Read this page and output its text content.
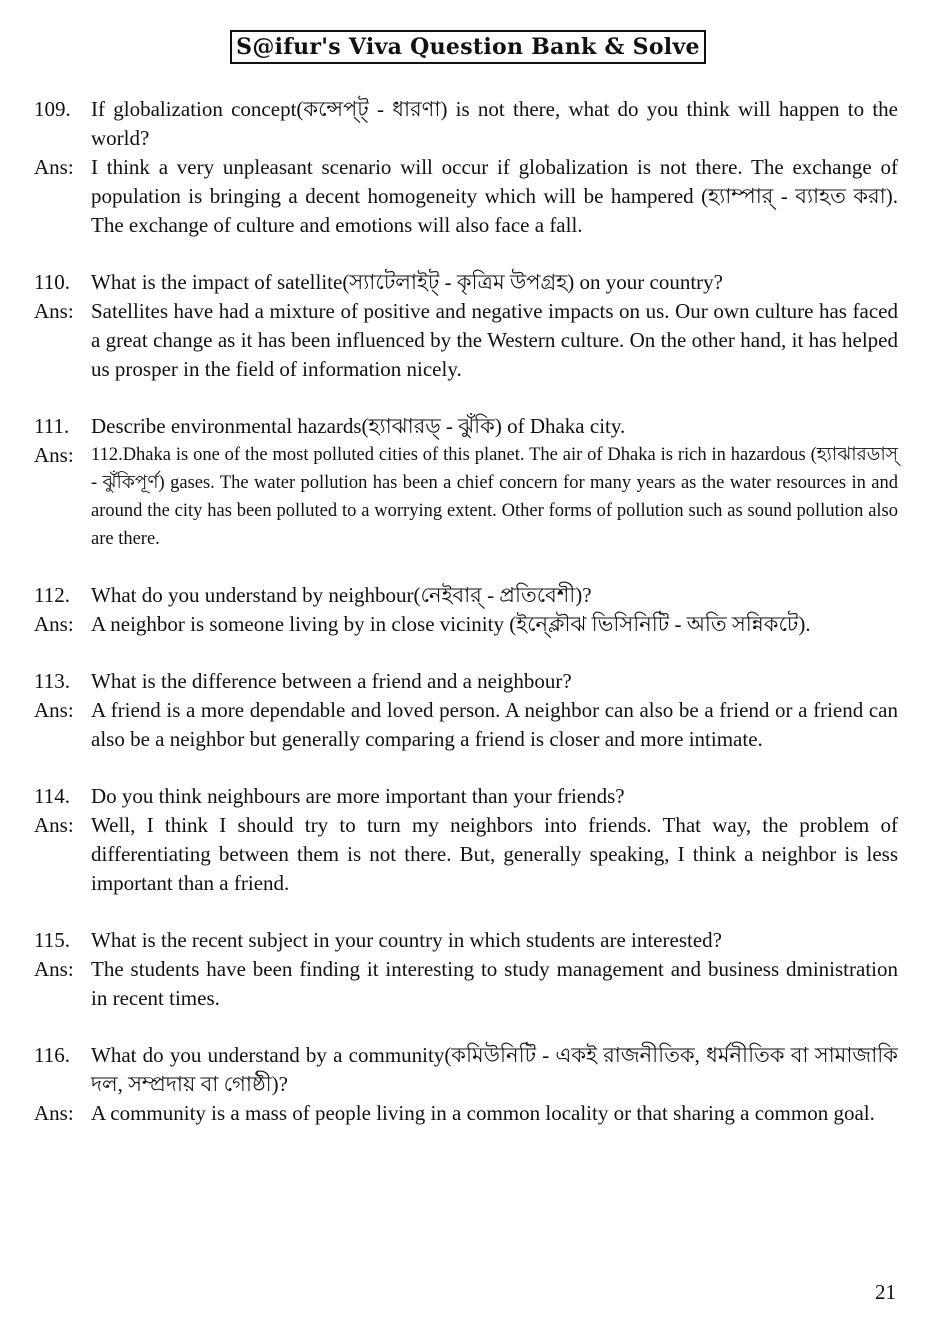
S@ifur's Viva Question Bank & Solve
109. If globalization concept(কন্সেপ্ট্ - ধারণা) is not there, what do you think will happen to the world?
Ans: I think a very unpleasant scenario will occur if globalization is not there. The exchange of population is bringing a decent homogeneity which will be hampered (হ্যাম্পার্ - ব্যাহত করা). The exchange of culture and emotions will also face a fall.
110.	What is the impact of satellite(স্যাটেলাইট্ - কৃত্রিম উপগ্রহ) on your country?
Ans: Satellites have had a mixture of positive and negative impacts on us. Our own culture has faced a great change as it has been influenced by the Western culture. On the other hand, it has helped us prosper in the field of information nicely.
111.	Describe environmental hazards(হ্যাঝারড্ - ঝুঁকি) of Dhaka city.
Ans: 112.Dhaka is one of the most polluted cities of this planet. The air of Dhaka is rich in hazardous (হ্যাঝারডাস্ - ঝুঁকিপূর্ণ) gases. The water pollution has been a chief concern for many years as the water resources in and around the city has been polluted to a worrying extent. Other forms of pollution such as sound pollution also are there.
112.	What do you understand by neighbour(নেইবার্ - প্রতিবেশী)?
Ans: A neighbor is someone living by in close vicinity (ইন্ক্লৌঝ ভিসিনিটি - অতি সন্নিকটে).
113.	What is the difference between a friend and a neighbour?
Ans: A friend is a more dependable and loved person. A neighbor can also be a friend or a friend can also be a neighbor but generally comparing a friend is closer and more intimate.
114.	Do you think neighbours are more important than your friends?
Ans: Well, I think I should try to turn my neighbors into friends. That way, the problem of differentiating between them is not there. But, generally speaking, I think a neighbor is less important than a friend.
115.	What is the recent subject in your country in which students are interested?
Ans: The students have been finding it interesting to study management and business dministration in recent times.
116.	What do you understand by a community(কমিউনিটি - একই রাজনীতিক, ধর্মনীতিক বা সামাজাকি দল, সম্প্রদায় বা গোষ্ঠী)?
Ans: A community is a mass of people living in a common locality or that sharing a common goal.
21
